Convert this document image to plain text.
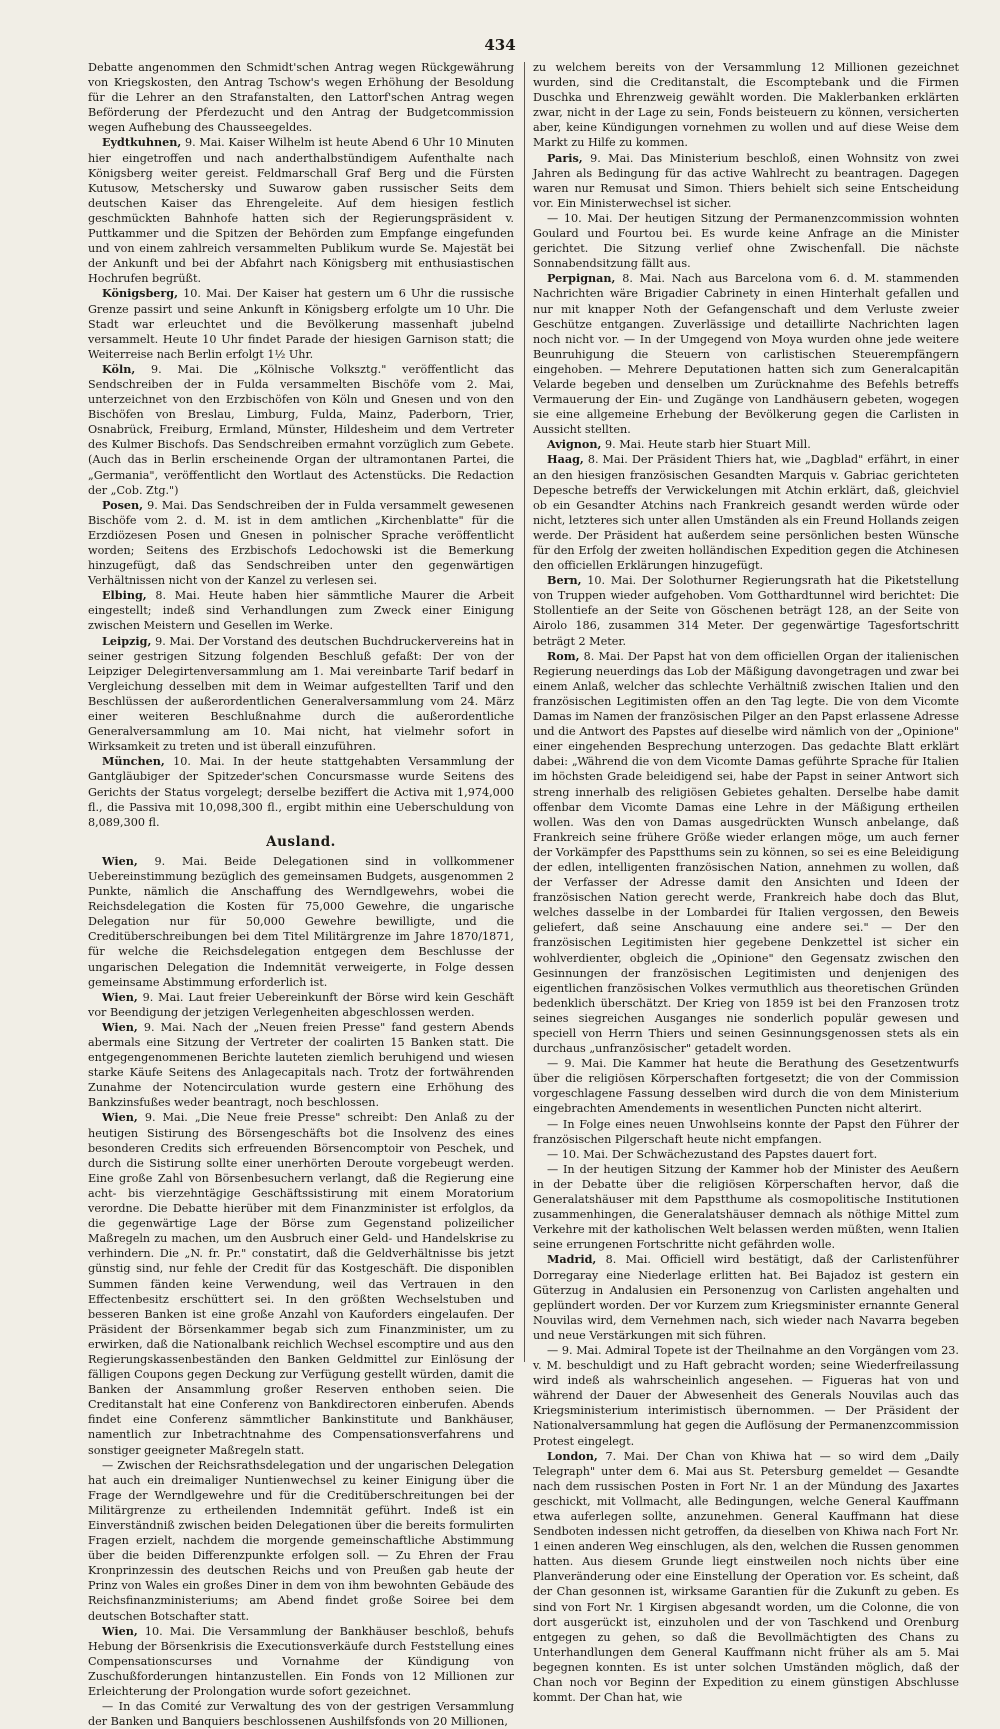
434

Debatte angenommen den Schmidt'schen Antrag wegen Rückgewährung von Kriegskosten, den Antrag Tschow's wegen Erhöhung der Besoldung für die Lehrer an den Strafanstalten, den Lattorf'schen Antrag wegen Beförderung der Pferdezucht und den Antrag der Budgetcommission wegen Aufhebung des Chausseegeldes.

Eydtkuhnen, 9. Mai. Kaiser Wilhelm ist heute Abend 6 Uhr 10 Minuten hier eingetroffen und nach anderthalbstündigem Aufenthalte nach Königsberg weiter gereist. Feldmarschall Graf Berg und die Fürsten Kutusow, Metschersky und Suwarow gaben russischer Seits dem deutschen Kaiser das Ehrengeleite. Auf dem hiesigen festlich geschmückten Bahnhofe hatten sich der Regierungspräsident v. Puttkammer und die Spitzen der Behörden zum Empfange eingefunden und von einem zahlreich versammelten Publikum wurde Se. Majestät bei der Ankunft und bei der Abfahrt nach Königsberg mit enthusiastischen Hochrufen begrüßt.

Königsberg, 10. Mai. Der Kaiser hat gestern um 6 Uhr die russische Grenze passirt und seine Ankunft in Königsberg erfolgte um 10 Uhr. Die Stadt war erleuchtet und die Bevölkerung massenhaft jubelnd versammelt. Heute 10 Uhr findet Parade der hiesigen Garnison statt; die Weiterreise nach Berlin erfolgt 1½ Uhr.

Köln, 9. Mai. Die „Kölnische Volksztg." veröffentlicht das Sendschreiben der in Fulda versammelten Bischöfe vom 2. Mai, unterzeichnet von den Erzbischöfen von Köln und Gnesen und von den Bischöfen von Breslau, Limburg, Fulda, Mainz, Paderborn, Trier, Osnabrück, Freiburg, Ermland, Münster, Hildesheim und dem Vertreter des Kulmer Bischofs. Das Sendschreiben ermahnt vorzüglich zum Gebete. (Auch das in Berlin erscheinende Organ der ultramontanen Partei, die „Germania", veröffentlicht den Wortlaut des Actenstücks. Die Redaction der „Cob. Ztg.")

Posen, 9. Mai. Das Sendschreiben der in Fulda versammelt gewesenen Bischöfe vom 2. d. M. ist in dem amtlichen „Kirchenblatte" für die Erzdiözesen Posen und Gnesen in polnischer Sprache veröffentlicht worden; Seitens des Erzbischofs Ledochowski ist die Bemerkung hinzugefügt, daß das Sendschreiben unter den gegenwärtigen Verhältnissen nicht von der Kanzel zu verlesen sei.

Elbing, 8. Mai. Heute haben hier sämmtliche Maurer die Arbeit eingestellt; indeß sind Verhandlungen zum Zweck einer Einigung zwischen Meistern und Gesellen im Werke.

Leipzig, 9. Mai. Der Vorstand des deutschen Buchdruckervereins hat in seiner gestrigen Sitzung folgenden Beschluß gefaßt: Der von der Leipziger Delegirtenversammlung am 1. Mai vereinbarte Tarif bedarf in Vergleichung desselben mit dem in Weimar aufgestellten Tarif und den Beschlüssen der außerordentlichen Generalversammlung vom 24. März einer weiteren Beschlußnahme durch die außerordentliche Generalversammlung am 10. Mai nicht, hat vielmehr sofort in Wirksamkeit zu treten und ist überall einzuführen.

München, 10. Mai. In der heute stattgehabten Versammlung der Gantgläubiger der Spitzeder'schen Concursmasse wurde Seitens des Gerichts der Status vorgelegt; derselbe beziffert die Activa mit 1,974,000 fl., die Passiva mit 10,098,300 fl., ergibt mithin eine Ueberschuldung von 8,089,300 fl.

Ausland.

Wien, 9. Mai. Beide Delegationen sind in vollkommener Uebereinstimmung bezüglich des gemeinsamen Budgets, ausgenommen 2 Punkte, nämlich die Anschaffung des Werndlgewehrs, wobei die Reichsdelegation die Kosten für 75,000 Gewehre, die ungarische Delegation nur für 50,000 Gewehre bewilligte, und die Creditüberschreibungen bei dem Titel Militärgrenze im Jahre 1870/1871, für welche die Reichsdelegation entgegen dem Beschlusse der ungarischen Delegation die Indemnität verweigerte, in Folge dessen gemeinsame Abstimmung erforderlich ist.

Wien, 9. Mai. Laut freier Uebereinkunft der Börse wird kein Geschäft vor Beendigung der jetzigen Verlegenheiten abgeschlossen werden.

Wien, 9. Mai. Nach der „Neuen freien Presse" fand gestern Abends abermals eine Sitzung der Vertreter der coalirten 15 Banken statt. Die entgegengenommenen Berichte lauteten ziemlich beruhigend und wiesen starke Käufe Seitens des Anlagecapitals nach. Trotz der fortwährenden Zunahme der Notencirculation wurde gestern eine Erhöhung des Bankzinsfußes weder beantragt, noch beschlossen.

Wien, 9. Mai. „Die Neue freie Presse" schreibt: Den Anlaß zu der heutigen Sistirung des Börsengeschäfts bot die Insolvenz des eines besonderen Credits sich erfreuenden Börsencomptoir von Peschek, und durch die Sistirung sollte einer unerhörten Deroute vorgebeugt werden. Eine große Zahl von Börsenbesuchern verlangt, daß die Regierung eine acht- bis vierzehntägige Geschäftssistirung mit einem Moratorium verordne. Die Debatte hierüber mit dem Finanzminister ist erfolglos, da die gegenwärtige Lage der Börse zum Gegenstand polizeilicher Maßregeln zu machen, um den Ausbruch einer Geld- und Handelskrise zu verhindern. Die „N. fr. Pr." constatirt, daß die Geldverhältnisse bis jetzt günstig sind, nur fehle der Credit für das Kostgeschäft. Die disponiblen Summen fänden keine Verwendung, weil das Vertrauen in den Effectenbesitz erschüttert sei. In den größten Wechselstuben und besseren Banken ist eine große Anzahl von Kauforders eingelaufen. Der Präsident der Börsenkammer begab sich zum Finanzminister, um zu erwirken, daß die Nationalbank reichlich Wechsel escomptire und aus den Regierungskassenbeständen den Banken Geldmittel zur Einlösung der fälligen Coupons gegen Deckung zur Verfügung gestellt würden, damit die Banken der Ansammlung großer Reserven enthoben seien. Die Creditanstalt hat eine Conferenz von Bankdirectoren einberufen. Abends findet eine Conferenz sämmtlicher Bankinstitute und Bankhäuser, namentlich zur Inbetrachtnahme des Compensationsverfahrens und sonstiger geeigneter Maßregeln statt.

— Zwischen der Reichsrathsdelegation und der ungarischen Delegation hat auch ein dreimaliger Nuntienwechsel zu keiner Einigung über die Frage der Werndlgewehre und für die Creditüberschreitungen bei der Militärgrenze zu ertheilenden Indemnität geführt. Indeß ist ein Einverständniß zwischen beiden Delegationen über die bereits formulirten Fragen erzielt, nachdem die morgende gemeinschaftliche Abstimmung über die beiden Differenzpunkte erfolgen soll. — Zu Ehren der Frau Kronprinzessin des deutschen Reichs und von Preußen gab heute der Prinz von Wales ein großes Diner in dem von ihm bewohnten Gebäude des Reichsfinanzministeriums; am Abend findet große Soiree bei dem deutschen Botschafter statt.

Wien, 10. Mai. Die Versammlung der Bankhäuser beschloß, behufs Hebung der Börsenkrisis die Executionsverkäufe durch Feststellung eines Compensationscurses und Vornahme der Kündigung von Zuschußforderungen hintanzustellen. Ein Fonds von 12 Millionen zur Erleichterung der Prolongation wurde sofort gezeichnet.

— In das Comité zur Verwaltung des von der gestrigen Versammlung der Banken und Banquiers beschlossenen Aushilfsfonds von 20 Millionen,

zu welchem bereits von der Versammlung 12 Millionen gezeichnet wurden, sind die Creditanstalt, die Escomptebank und die Firmen Duschka und Ehrenzweig gewählt worden. Die Maklerbanken erklärten zwar, nicht in der Lage zu sein, Fonds beisteuern zu können, versicherten aber, keine Kündigungen vornehmen zu wollen und auf diese Weise dem Markt zu Hilfe zu kommen.

Paris, 9. Mai. Das Ministerium beschloß, einen Wohnsitz von zwei Jahren als Bedingung für das active Wahlrecht zu beantragen. Dagegen waren nur Remusat und Simon. Thiers behielt sich seine Entscheidung vor. Ein Ministerwechsel ist sicher.

— 10. Mai. Der heutigen Sitzung der Permanenzcommission wohnten Goulard und Fourtou bei. Es wurde keine Anfrage an die Minister gerichtet. Die Sitzung verlief ohne Zwischenfall. Die nächste Sonnabendsitzung fällt aus.

Perpignan, 8. Mai. Nach aus Barcelona vom 6. d. M. stammenden Nachrichten wäre Brigadier Cabrinety in einen Hinterhalt gefallen und nur mit knapper Noth der Gefangenschaft und dem Verluste zweier Geschütze entgangen. Zuverlässige und detaillirte Nachrichten lagen noch nicht vor. — In der Umgegend von Moya wurden ohne jede weitere Beunruhigung die Steuern von carlistischen Steuerempfängern eingehoben. — Mehrere Deputationen hatten sich zum Generalcapitän Velarde begeben und denselben um Zurücknahme des Befehls betreffs Vermauerung der Ein- und Zugänge von Landhäusern gebeten, wogegen sie eine allgemeine Erhebung der Bevölkerung gegen die Carlisten in Aussicht stellten.

Avignon, 9. Mai. Heute starb hier Stuart Mill.

Haag, 8. Mai. Der Präsident Thiers hat, wie „Dagblad" erfährt, in einer an den hiesigen französischen Gesandten Marquis v. Gabriac gerichteten Depesche betreffs der Verwickelungen mit Atchin erklärt, daß, gleichviel ob ein Gesandter Atchins nach Frankreich gesandt werden würde oder nicht, letzteres sich unter allen Umständen als ein Freund Hollands zeigen werde. Der Präsident hat außerdem seine persönlichen besten Wünsche für den Erfolg der zweiten holländischen Expedition gegen die Atchinesen den officiellen Erklärungen hinzugefügt.

Bern, 10. Mai. Der Solothurner Regierungsrath hat die Piketstellung von Truppen wieder aufgehoben. Vom Gotthardtunnel wird berichtet: Die Stollentiefe an der Seite von Göschenen beträgt 128, an der Seite von Airolo 186, zusammen 314 Meter. Der gegenwärtige Tagesfortschritt beträgt 2 Meter.

Rom, 8. Mai. Der Papst hat von dem officiellen Organ der italienischen Regierung neuerdings das Lob der Mäßigung davongetragen und zwar bei einem Anlaß, welcher das schlechte Verhältniß zwischen Italien und den französischen Legitimisten offen an den Tag legte. Die von dem Vicomte Damas im Namen der französischen Pilger an den Papst erlassene Adresse und die Antwort des Papstes auf dieselbe wird nämlich von der „Opinione" einer eingehenden Besprechung unterzogen. Das gedachte Blatt erklärt dabei: „Während die von dem Vicomte Damas geführte Sprache für Italien im höchsten Grade beleidigend sei, habe der Papst in seiner Antwort sich streng innerhalb des religiösen Gebietes gehalten. Derselbe habe damit offenbar dem Vicomte Damas eine Lehre in der Mäßigung ertheilen wollen. Was den von Damas ausgedrückten Wunsch anbelange, daß Frankreich seine frühere Größe wieder erlangen möge, um auch ferner der Vorkämpfer des Papstthums sein zu können, so sei es eine Beleidigung der edlen, intelligenten französischen Nation, annehmen zu wollen, daß der Verfasser der Adresse damit den Ansichten und Ideen der französischen Nation gerecht werde, Frankreich habe doch das Blut, welches dasselbe in der Lombardei für Italien vergossen, den Beweis geliefert, daß seine Anschauung eine andere sei." — Der den französischen Legitimisten hier gegebene Denkzettel ist sicher ein wohlverdienter, obgleich die „Opinione" den Gegensatz zwischen den Gesinnungen der französischen Legitimisten und denjenigen des eigentlichen französischen Volkes vermuthlich aus theoretischen Gründen bedenklich überschätzt. Der Krieg von 1859 ist bei den Franzosen trotz seines siegreichen Ausganges nie sonderlich populär gewesen und speciell von Herrn Thiers und seinen Gesinnungsgenossen stets als ein durchaus „unfranzösischer" getadelt worden.

— 9. Mai. Die Kammer hat heute die Berathung des Gesetzentwurfs über die religiösen Körperschaften fortgesetzt; die von der Commission vorgeschlagene Fassung desselben wird durch die von dem Ministerium eingebrachten Amendements in wesentlichen Puncten nicht alterirt.

— In Folge eines neuen Unwohlseins konnte der Papst den Führer der französischen Pilgerschaft heute nicht empfangen.

— 10. Mai. Der Schwächezustand des Papstes dauert fort.

— In der heutigen Sitzung der Kammer hob der Minister des Aeußern in der Debatte über die religiösen Körperschaften hervor, daß die Generalatshäuser mit dem Papstthume als cosmopolitische Institutionen zusammenhingen, die Generalatshäuser demnach als nöthige Mittel zum Verkehre mit der katholischen Welt belassen werden müßten, wenn Italien seine errungenen Fortschritte nicht gefährden wolle.

Madrid, 8. Mai. Officiell wird bestätigt, daß der Carlistenführer Dorregaray eine Niederlage erlitten hat. Bei Bajadoz ist gestern ein Güterzug in Andalusien ein Personenzug von Carlisten angehalten und geplündert worden. Der vor Kurzem zum Kriegsminister ernannte General Nouvilas wird, dem Vernehmen nach, sich wieder nach Navarra begeben und neue Verstärkungen mit sich führen.

— 9. Mai. Admiral Topete ist der Theilnahme an den Vorgängen vom 23. v. M. beschuldigt und zu Haft gebracht worden; seine Wiederfreilassung wird indeß als wahrscheinlich angesehen. — Figueras hat von und während der Dauer der Abwesenheit des Generals Nouvilas auch das Kriegsministerium interimistisch übernommen. — Der Präsident der Nationalversammlung hat gegen die Auflösung der Permanenzcommission Protest eingelegt.

London, 7. Mai. Der Chan von Khiwa hat — so wird dem „Daily Telegraph" unter dem 6. Mai aus St. Petersburg gemeldet — Gesandte nach dem russischen Posten in Fort Nr. 1 an der Mündung des Jaxartes geschickt, mit Vollmacht, alle Bedingungen, welche General Kauffmann etwa auferlegen sollte, anzunehmen. General Kauffmann hat diese Sendboten indessen nicht getroffen, da dieselben von Khiwa nach Fort Nr. 1 einen anderen Weg einschlugen, als den, welchen die Russen genommen hatten. Aus diesem Grunde liegt einstweilen noch nichts über eine Planveränderung oder eine Einstellung der Operation vor. Es scheint, daß der Chan gesonnen ist, wirksame Garantien für die Zukunft zu geben. Es sind von Fort Nr. 1 Kirgisen abgesandt worden, um die Colonne, die von dort ausgerückt ist, einzuholen und der von Taschkend und Orenburg entgegen zu gehen, so daß die Bevollmächtigten des Chans zu Unterhandlungen dem General Kauffmann nicht früher als am 5. Mai begegnen konnten. Es ist unter solchen Umständen möglich, daß der Chan noch vor Beginn der Expedition zu einem günstigen Abschlusse kommt. Der Chan hat, wie
